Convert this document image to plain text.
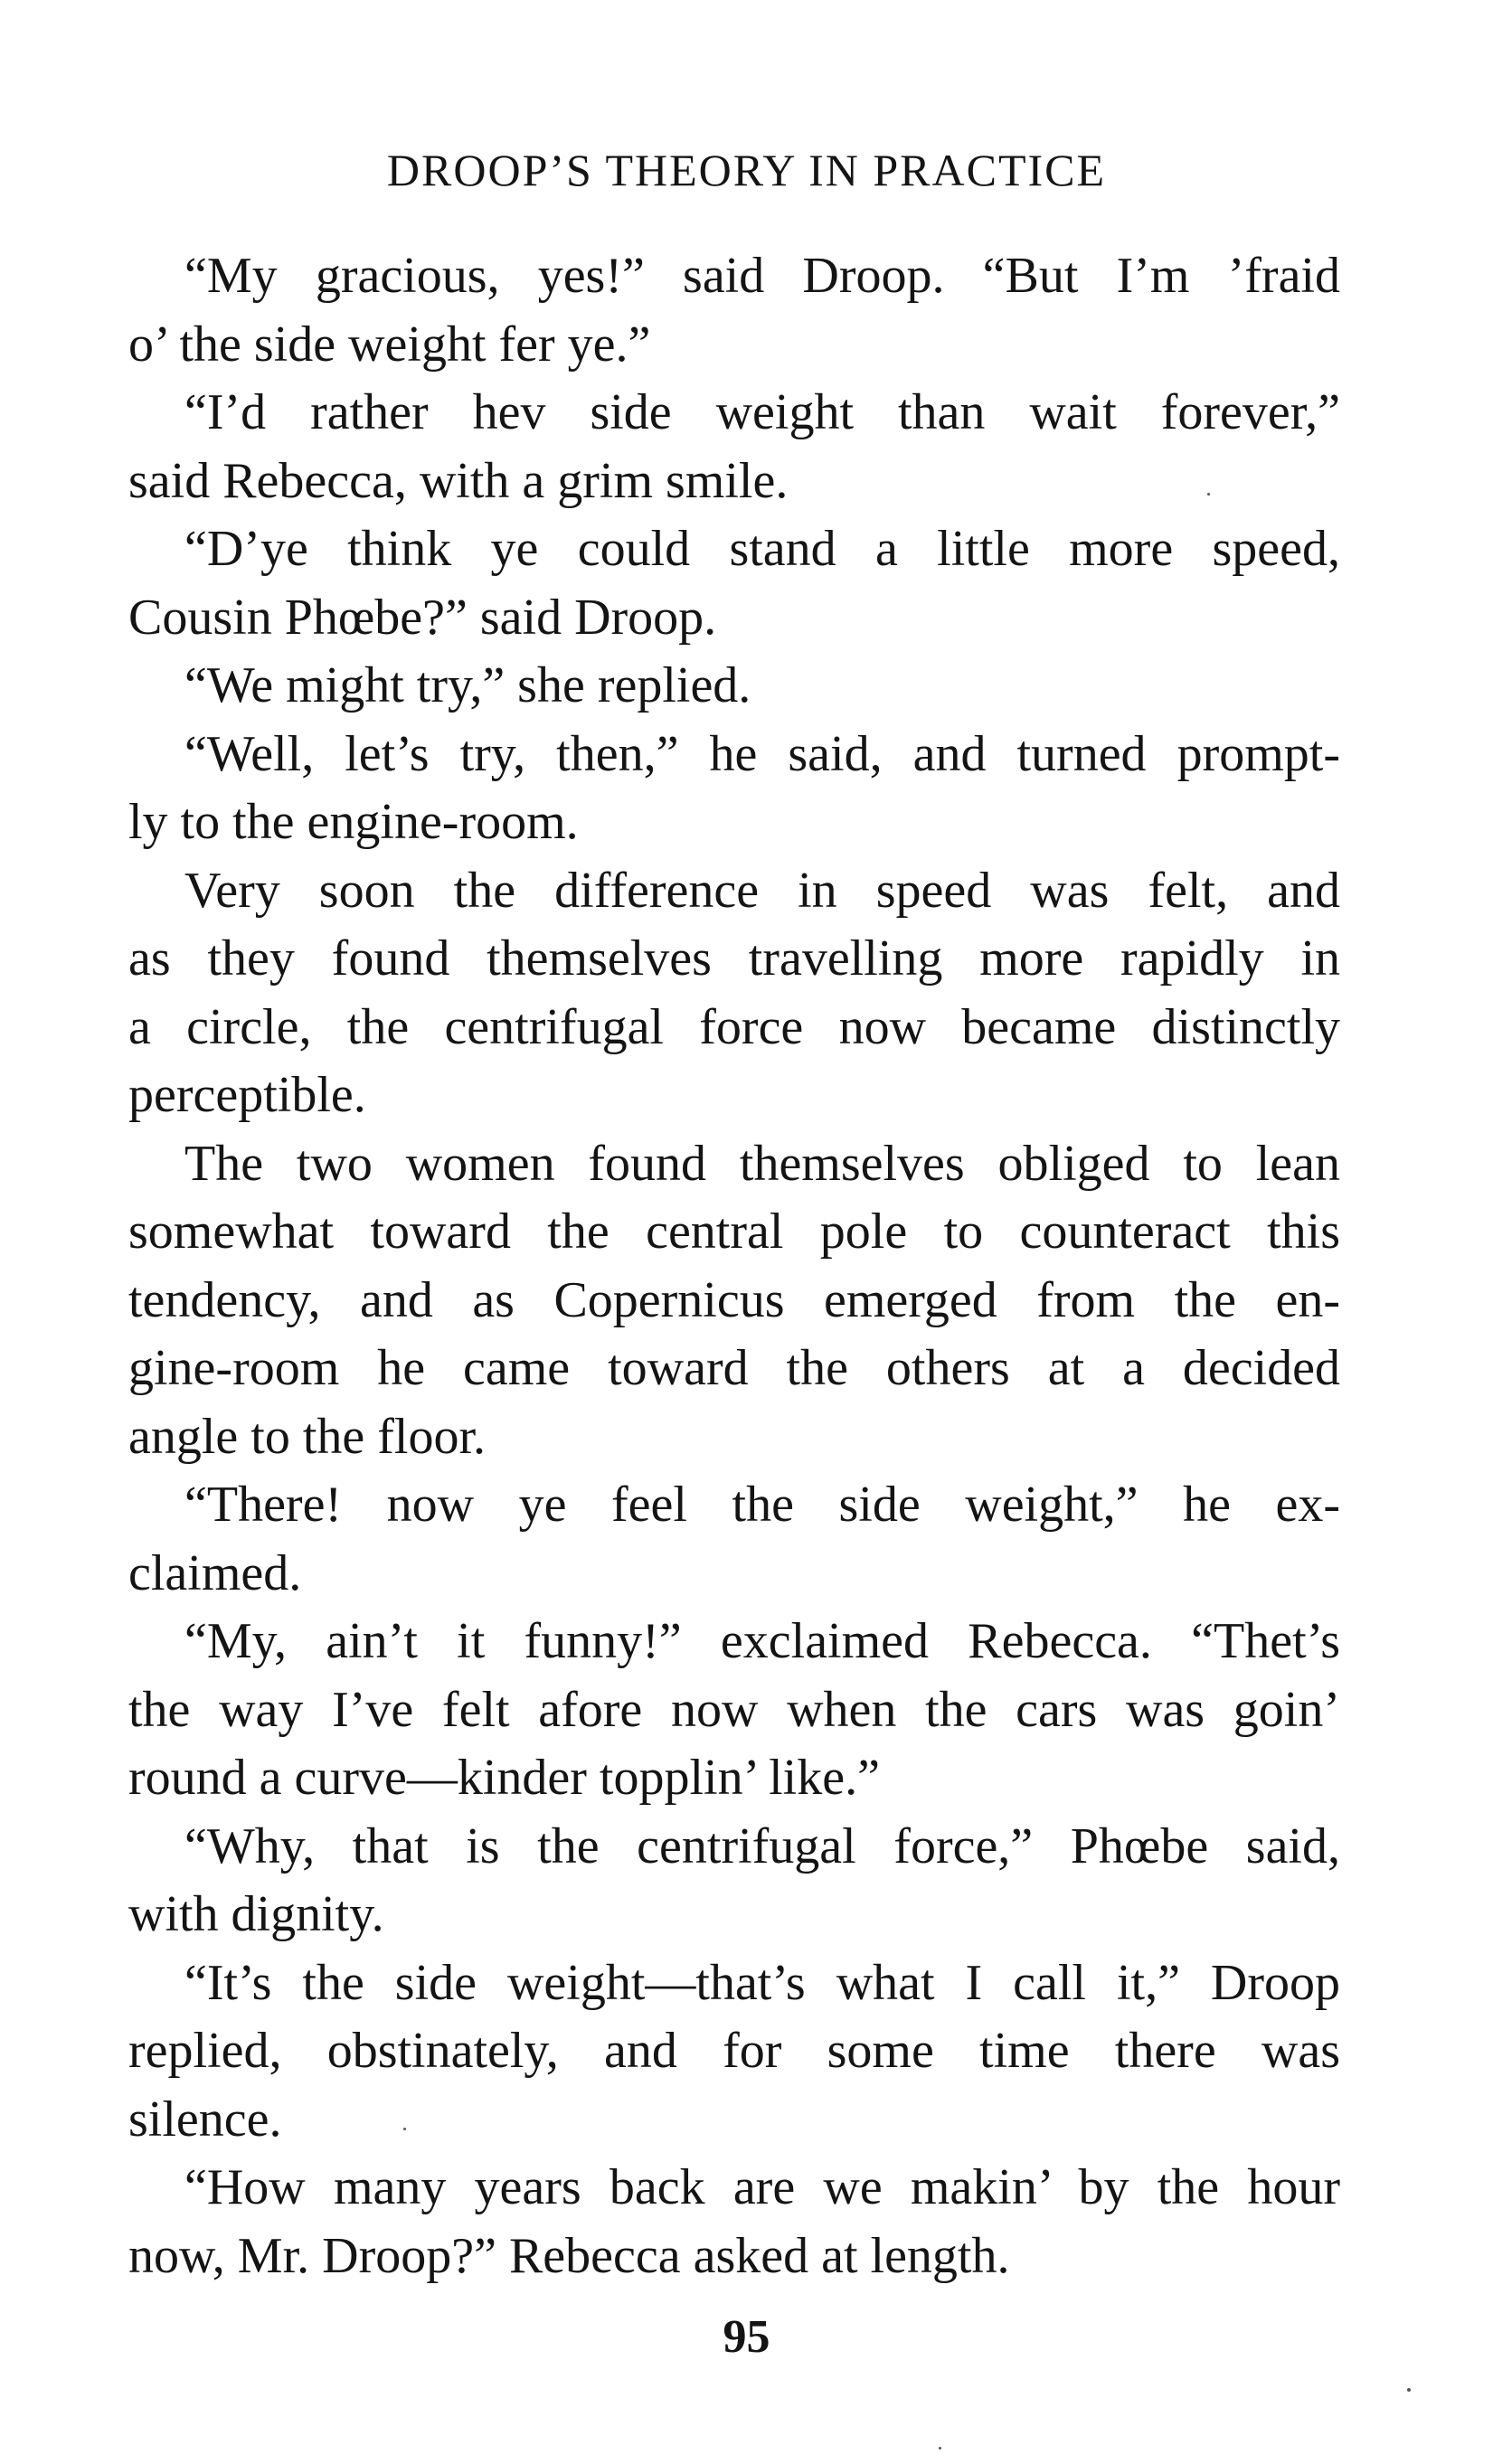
DROOP’S THEORY IN PRACTICE

“My gracious, yes!” said Droop. “But I’m ’fraid
o’ the side weight fer ye.”

“I’d rather hev side weight than wait forever,”
said Rebecca, with a grim smile.

“D’ye think ye could stand a little more speed,
Cousin Phœbe?” said Droop.

“We might try,” she replied.

“Well, let’s try, then,” he said, and turned prompt-
ly to the engine-room.

Very soon the difference in speed was felt, and
as they found themselves travelling more rapidly in
a circle, the centrifugal force now became distinctly
perceptible.

The two women found themselves obliged to lean
somewhat toward the central pole to counteract this
tendency, and as Copernicus emerged from the en-
gine-room he came toward the others at a decided
angle to the floor.

“There! now ye feel the side weight,” he ex-
claimed.

“My, ain’t it funny!” exclaimed Rebecca. “Thet’s
the way I’ve felt afore now when the cars was goin’
round a curve—kinder topplin’ like.”

“Why, that is the centrifugal force,” Phœbe said,
with dignity.

“It’s the side weight—that’s what I call it,” Droop
replied, obstinately, and for some time there was
silence.

“How many years back are we makin’ by the hour
now, Mr. Droop?” Rebecca asked at length.

95
